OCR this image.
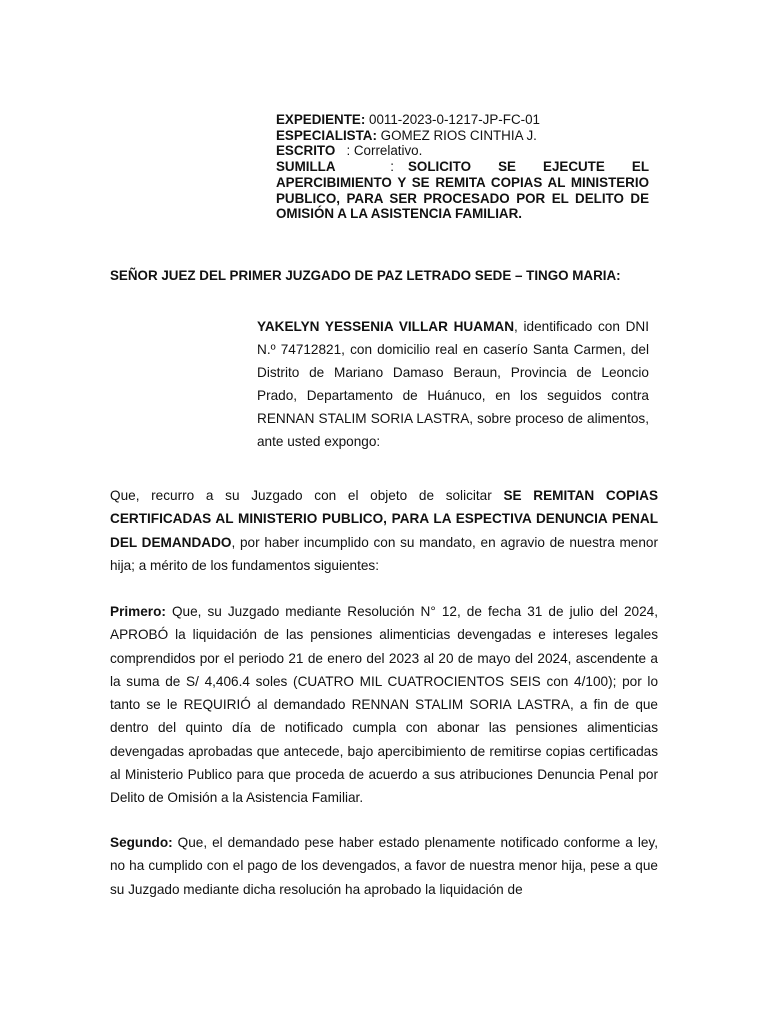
EXPEDIENTE: 0011-2023-0-1217-JP-FC-01
ESPECIALISTA: GOMEZ RIOS CINTHIA J.
ESCRITO   : Correlativo.
SUMILLA	:	SOLICITO SE EJECUTE EL APERCIBIMIENTO Y SE REMITA COPIAS AL MINISTERIO PUBLICO, PARA SER PROCESADO POR EL DELITO DE OMISIÓN A LA ASISTENCIA FAMILIAR.
SEÑOR JUEZ DEL PRIMER JUZGADO DE PAZ LETRADO SEDE – TINGO MARIA:
YAKELYN YESSENIA VILLAR HUAMAN, identificado con DNI N.º 74712821, con domicilio real en caserío Santa Carmen, del Distrito de Mariano Damaso Beraun, Provincia de Leoncio Prado, Departamento de Huánuco, en los seguidos contra RENNAN STALIM SORIA LASTRA, sobre proceso de alimentos, ante usted expongo:
Que, recurro a su Juzgado con el objeto de solicitar SE REMITAN COPIAS CERTIFICADAS AL MINISTERIO PUBLICO, PARA LA ESPECTIVA DENUNCIA PENAL DEL DEMANDADO, por haber incumplido con su mandato, en agravio de nuestra menor hija; a mérito de los fundamentos siguientes:
Primero: Que, su Juzgado mediante Resolución N° 12, de fecha 31 de julio del 2024, APROBÓ la liquidación de las pensiones alimenticias devengadas e intereses legales comprendidos por el periodo 21 de enero del 2023 al 20 de mayo del 2024, ascendente a la suma de S/ 4,406.4 soles (CUATRO MIL CUATROCIENTOS SEIS con 4/100); por lo tanto se le REQUIRIÓ al demandado RENNAN STALIM SORIA LASTRA, a fin de que dentro del quinto día de notificado cumpla con abonar las pensiones alimenticias devengadas aprobadas que antecede, bajo apercibimiento de remitirse copias certificadas al Ministerio Publico para que proceda de acuerdo a sus atribuciones Denuncia Penal por Delito de Omisión a la Asistencia Familiar.
Segundo: Que, el demandado pese haber estado plenamente notificado conforme a ley, no ha cumplido con el pago de los devengados, a favor de nuestra menor hija, pese a que su Juzgado mediante dicha resolución ha aprobado la liquidación de
